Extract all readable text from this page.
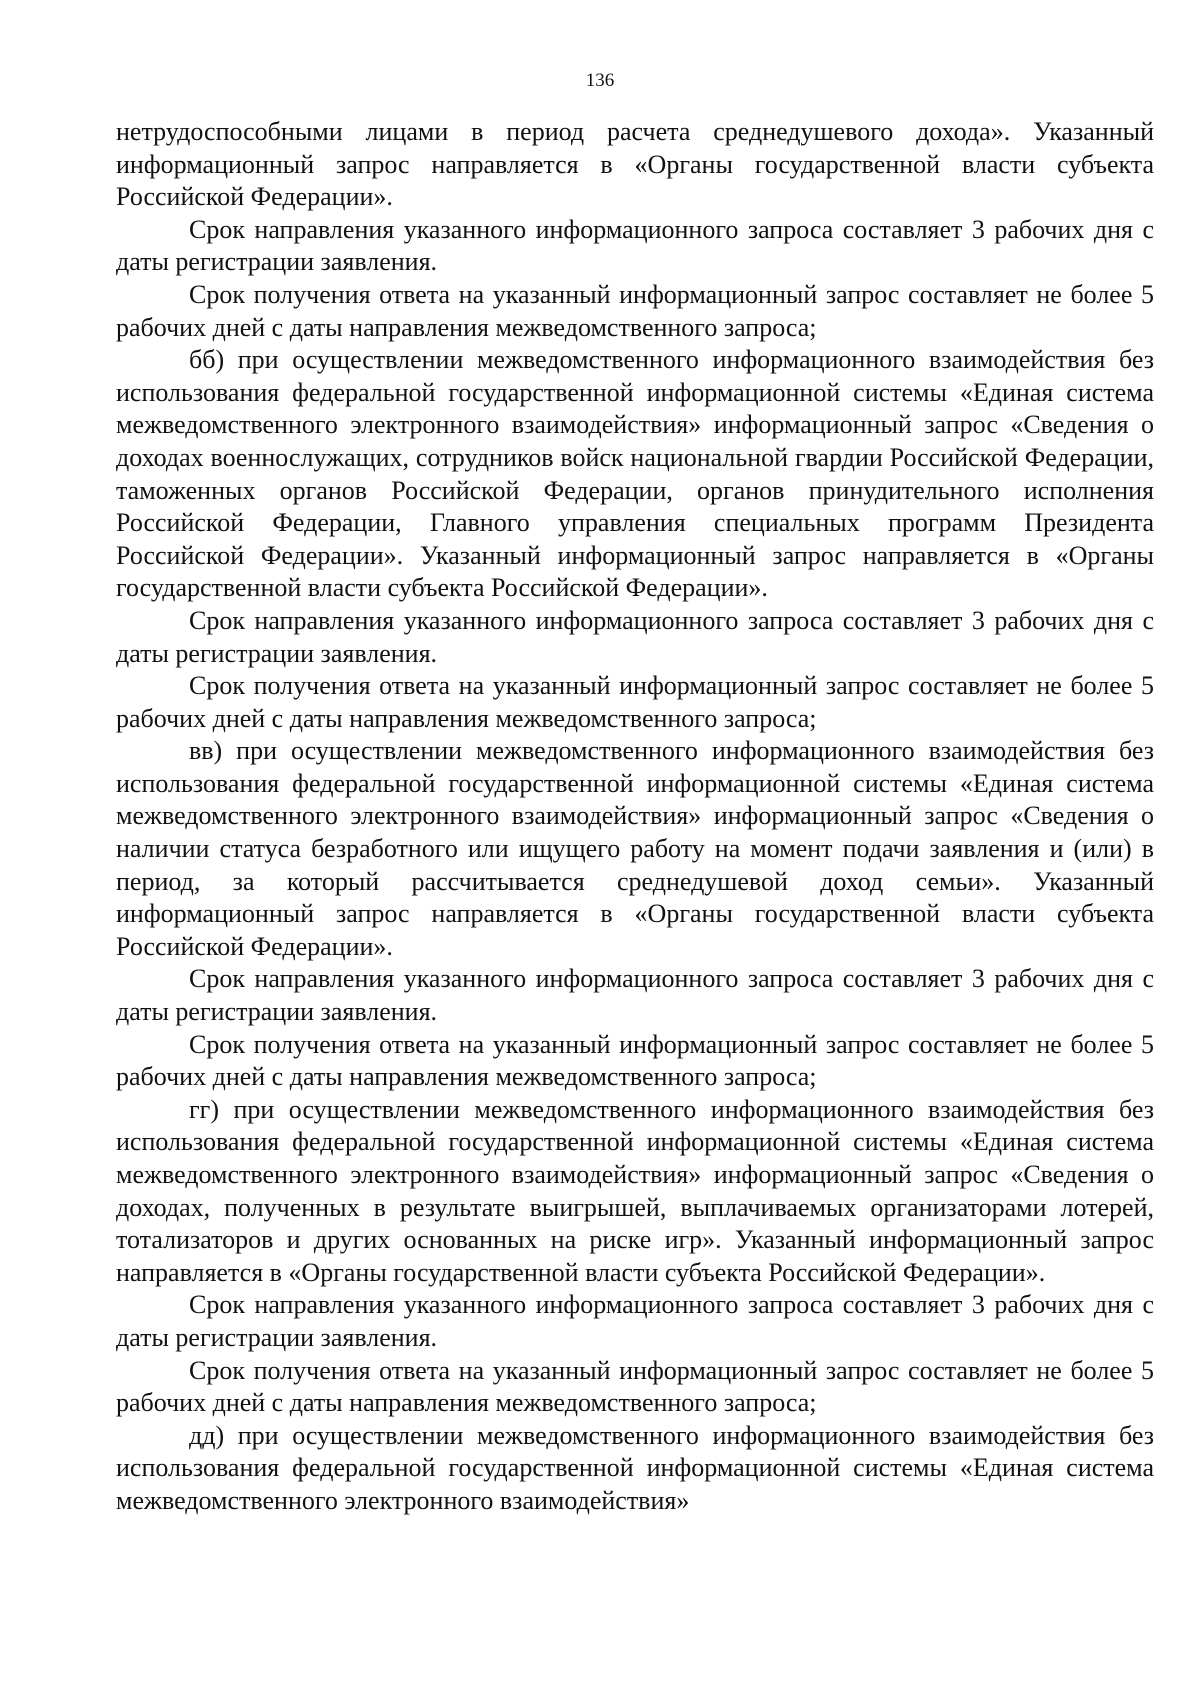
136

нетрудоспособными лицами в период расчета среднедушевого дохода». Указанный информационный запрос направляется в «Органы государственной власти субъекта Российской Федерации».

Срок направления указанного информационного запроса составляет 3 рабочих дня с даты регистрации заявления.

Срок получения ответа на указанный информационный запрос составляет не более 5 рабочих дней с даты направления межведомственного запроса;

бб) при осуществлении межведомственного информационного взаимодействия без использования федеральной государственной информационной системы «Единая система межведомственного электронного взаимодействия» информационный запрос «Сведения о доходах военнослужащих, сотрудников войск национальной гвардии Российской Федерации, таможенных органов Российской Федерации, органов принудительного исполнения Российской Федерации, Главного управления специальных программ Президента Российской Федерации». Указанный информационный запрос направляется в «Органы государственной власти субъекта Российской Федерации».

Срок направления указанного информационного запроса составляет 3 рабочих дня с даты регистрации заявления.

Срок получения ответа на указанный информационный запрос составляет не более 5 рабочих дней с даты направления межведомственного запроса;

вв) при осуществлении межведомственного информационного взаимодействия без использования федеральной государственной информационной системы «Единая система межведомственного электронного взаимодействия» информационный запрос «Сведения о наличии статуса безработного или ищущего работу на момент подачи заявления и (или) в период, за который рассчитывается среднедушевой доход семьи». Указанный информационный запрос направляется в «Органы государственной власти субъекта Российской Федерации».

Срок направления указанного информационного запроса составляет 3 рабочих дня с даты регистрации заявления.

Срок получения ответа на указанный информационный запрос составляет не более 5 рабочих дней с даты направления межведомственного запроса;

гг) при осуществлении межведомственного информационного взаимодействия без использования федеральной государственной информационной системы «Единая система межведомственного электронного взаимодействия» информационный запрос «Сведения о доходах, полученных в результате выигрышей, выплачиваемых организаторами лотерей, тотализаторов и других основанных на риске игр». Указанный информационный запрос направляется в «Органы государственной власти субъекта Российской Федерации».

Срок направления указанного информационного запроса составляет 3 рабочих дня с даты регистрации заявления.

Срок получения ответа на указанный информационный запрос составляет не более 5 рабочих дней с даты направления межведомственного запроса;

дд) при осуществлении межведомственного информационного взаимодействия без использования федеральной государственной информационной системы «Единая система межведомственного электронного взаимодействия»
